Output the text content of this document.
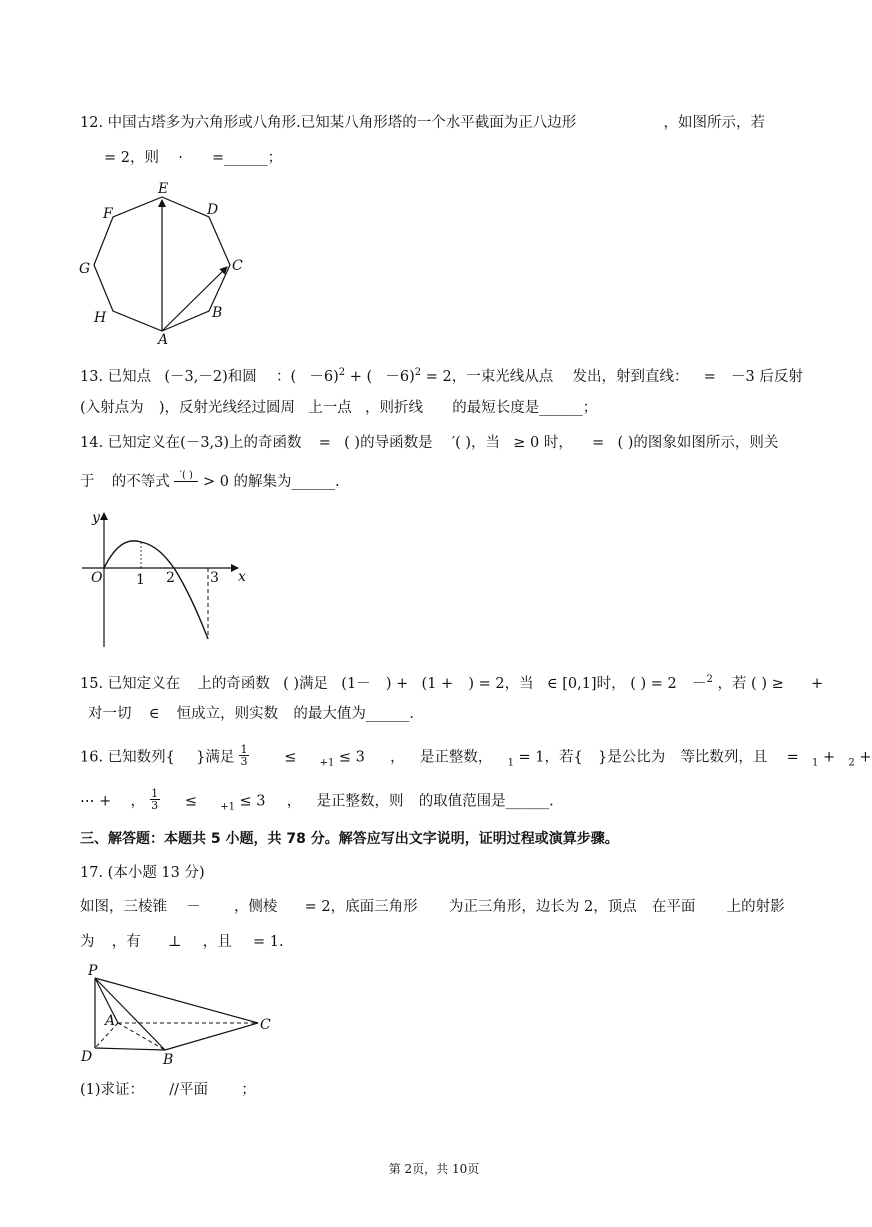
12. 中国古塔多为六角形或八角形.已知某八角形塔的一个水平截面为正八边形	，如图所示，若
= 2，则 · =______；
E
D
C
B
A
H
G
F
13. 已知点 (－3,－2)和圆 ：( －6)$^2$ + ( －6)$^2$ = 2，一束光线从点 发出，射到直线： = －3 后反射
(入射点为 )，反射光线经过圆周 上一点 ，则折线 的最短长度是______；
14. 已知定义在(－3,3)上的奇函数 = ( )的导函数是 ′( )，当 ≥ 0 时， = ( )的图象如图所示，则关
于 的不等式 ′( ) > 0 的解集为______.
y
x
O 1 2	3
15. 已知定义在 上的奇函数 ( )满足 (1－ ) + (1 + ) = 2，当 ∈ [0,1]时， ( ) = 2 －$^2$ ，若 ( ) ≥ +
对一切 ∈ 恒成立，则实数 的最大值为______.
16. 已知数列{ }满足 $\frac{1}{3} \le _{+1} \le 3$ ， 是正整数， $_1$ = 1，若{ }是公比为 等比数列，且 = $_1$ + $_2$ +
⋯ + ， $\frac{1}{3} \le _{+1} \le 3$ ， 是正整数，则 的取值范围是______.
三、解答题：本题共 5 小题，共 78 分。解答应写出文字说明，证明过程或演算步骤。
17. (本小题 13 分)
如图，三棱锥 － ，侧棱 = 2，底面三角形 为正三角形，边长为 2，顶点 在平面 上的射影
为 ，有 ⊥ ，且 = 1.
P
A	C
D	B
(1)求证： //平面 ；
第 2页，共 10页
